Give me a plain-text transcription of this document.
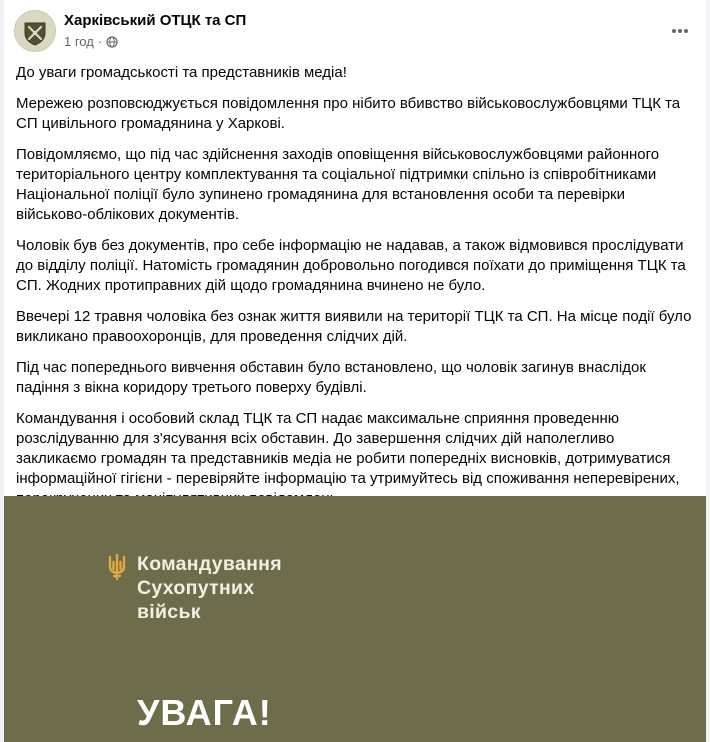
Харківський ОТЦК та СП
1 год ·

До уваги громадськості та представників медіа!

Мережею розповсюджується повідомлення про нібито вбивство військовослужбовцями ТЦК та СП цивільного громадянина у Харкові.

Повідомляємо, що під час здійснення заходів оповіщення військовослужбовцями районного територіального центру комплектування та соціальної підтримки спільно із співробітниками Національної поліції було зупинено громадянина для встановлення особи та перевірки військово-облікових документів.

Чоловік був без документів, про себе інформацію не надавав, а також відмовився прослідувати до відділу поліції. Натомість громадянин добровольно погодився поїхати до приміщення ТЦК та СП. Жодних протиправних дій щодо громадянина вчинено не було.

Ввечері 12 травня чоловіка без ознак життя виявили на території ТЦК та СП. На місце події було викликано правоохоронців, для проведення слідчих дій.

Під час попереднього вивчення обставин було встановлено, що чоловік загинув внаслідок падіння з вікна коридору третього поверху будівлі.

Командування і особовий склад ТЦК та СП надає максимальне сприяння проведенню розслідуванню для з'ясування всіх обставин. До завершення слідчих дій наполегливо закликаємо громадян та представників медіа не робити попередніх висновків, дотримуватися інформаційної гігієни - перевіряйте інформацію та утримуйтесь від споживання неперевірених,

Командування
Сухопутних
військ
УВАГА!
